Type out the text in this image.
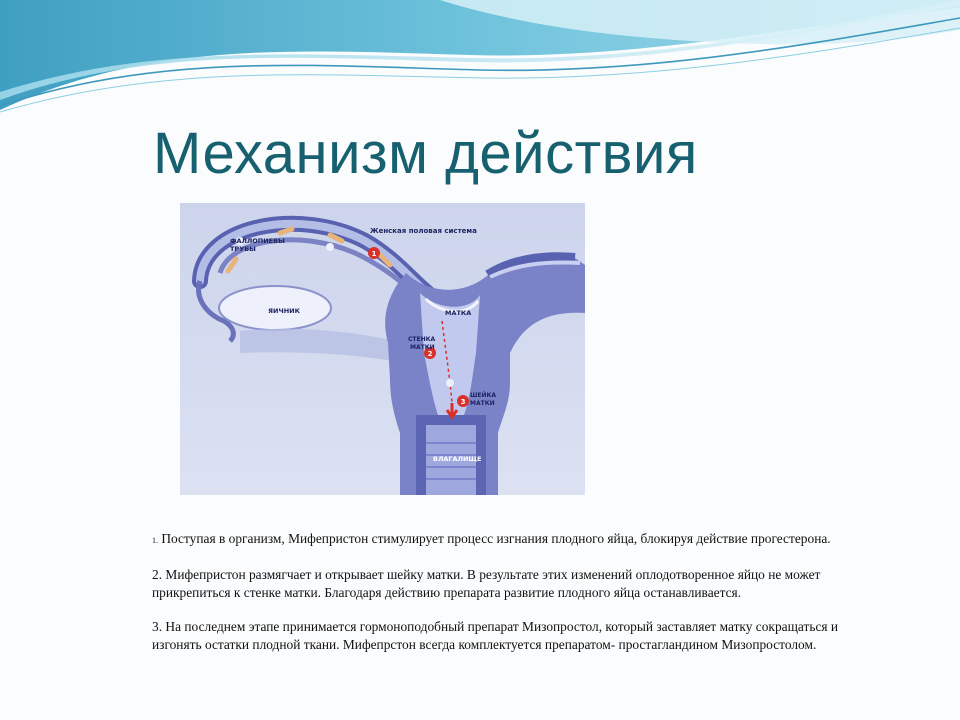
Механизм действия
1
2
3
Женская половая система
ФАЛЛОПИЕВЫ
ТРУБЫ
ЯИЧНИК	МАТКА
СТЕНКА
МАТКИ
ШЕЙКА
МАТКИ
ВЛАГАЛИЩЕ

1. Поступая в организм, Мифепристон стимулирует процесс изгнания плодного яйца, блокируя действие прогестерона.

2. Мифепристон размягчает и открывает шейку матки. В результате этих изменений оплодотворенное яйцо не может прикрепиться к стенке матки. Благодаря действию препарата развитие плодного яйца останавливается.

3. На последнем этапе принимается гормоноподобный препарат Мизопростол, который заставляет матку сокращаться и изгонять остатки плодной ткани. Мифепрстон всегда комплектуется препаратом- простагландином Мизопростолом.
